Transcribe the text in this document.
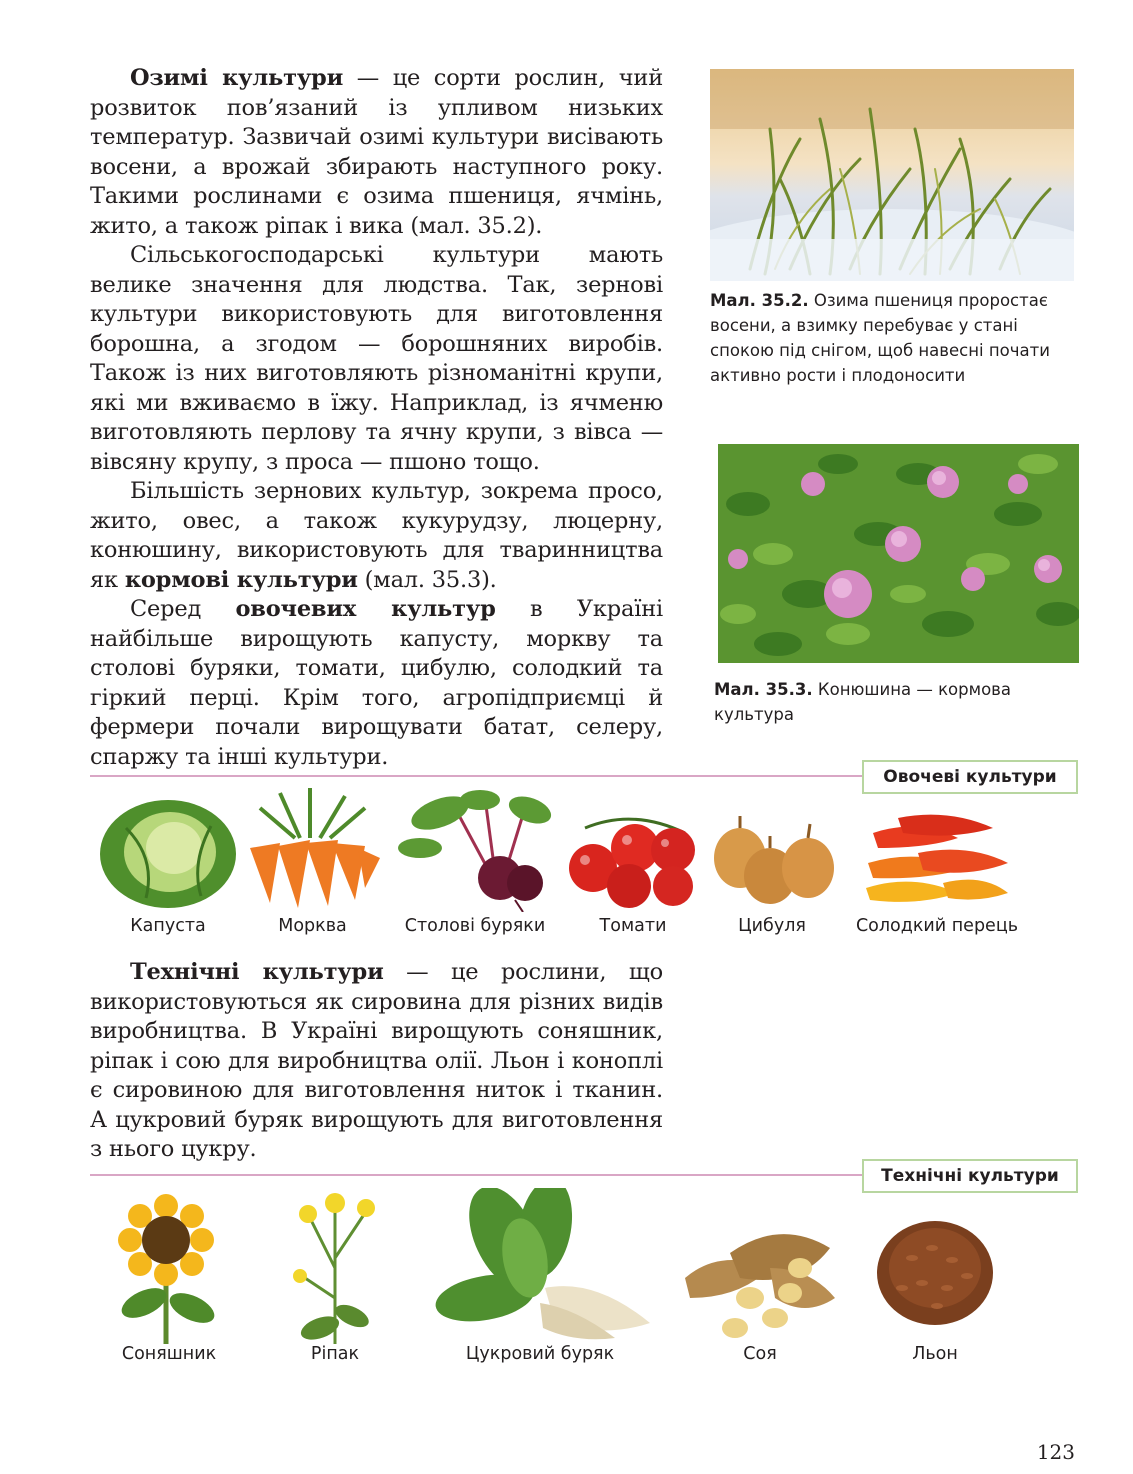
Озимі культури — це сорти рослин, чий розвиток пов’язаний із упливом низьких температур. Зазвичай озимі культури висівають восени, а врожай збирають наступного року. Такими рослинами є озима пшениця, ячмінь, жито, а також ріпак і вика (мал. 35.2).

Сільськогосподарські культури мають велике значення для людства. Так, зернові культури використовують для виготовлення борошна, а згодом — борошняних виробів. Також із них виготовляють різноманітні крупи, які ми вживаємо в їжу. Наприклад, із ячменю виготовляють перлову та ячну крупи, з вівса — вівсяну крупу, з проса — пшоно тощо.

Більшість зернових культур, зокрема просо, жито, овес, а також кукурудзу, люцерну, конюшину, використовують для тваринництва як кормові культури (мал. 35.3).

Серед овочевих культур в Україні найбільше вирощують капусту, моркву та столові буряки, томати, цибулю, солодкий та гіркий перці. Крім того, агропідприємці й фермери почали вирощувати батат, селеру, спаржу та інші культури.

Мал. 35.2. Озима пшениця проростає восени, а взимку перебуває у стані спокою під снігом, щоб навесні почати активно рости і плодоносити
Мал. 35.3. Конюшина — кормова культура
Овочеві культури
Капуста	Морква	Столові буряки	Томати	Цибуля	Солодкий перець

Технічні культури — це рослини, що використовуються як сировина для різних видів виробництва. В Україні вирощують соняшник, ріпак і сою для виробництва олії. Льон і коноплі є сировиною для виготовлення ниток і тканин. А цукровий буряк вирощують для виготовлення з нього цукру.

Технічні культури
Соняшник	Ріпак	Цукровий буряк	Соя	Льон
123
